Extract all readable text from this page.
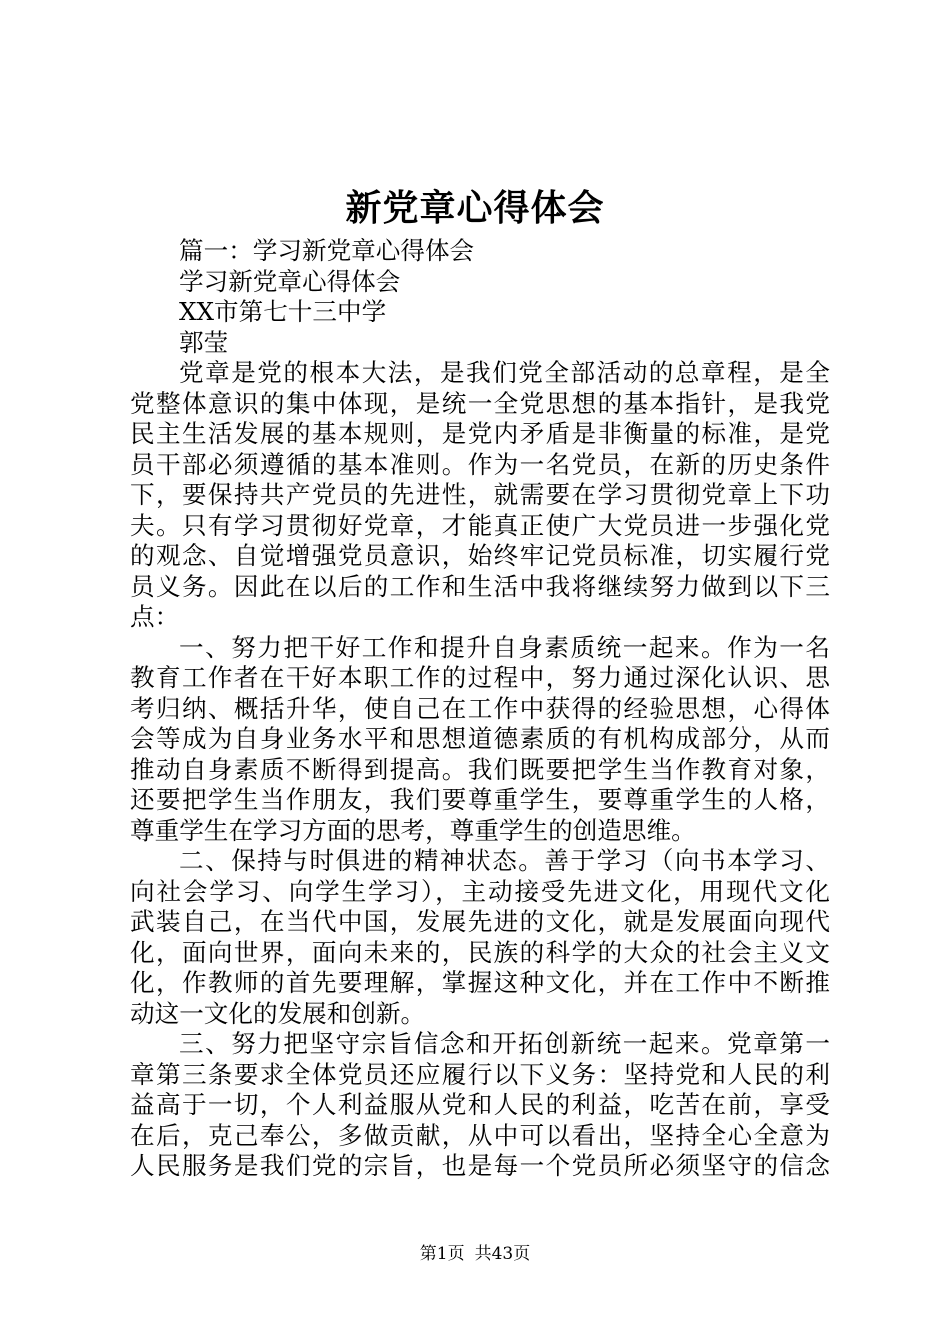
新党章心得体会
篇一：学习新党章心得体会
学习新党章心得体会
XX市第七十三中学
郭莹
党章是党的根本大法，是我们党全部活动的总章程，是全
党整体意识的集中体现，是统一全党思想的基本指针，是我党
民主生活发展的基本规则，是党内矛盾是非衡量的标准，是党
员干部必须遵循的基本准则。作为一名党员，在新的历史条件
下，要保持共产党员的先进性，就需要在学习贯彻党章上下功
夫。只有学习贯彻好党章，才能真正使广大党员进一步强化党
的观念、自觉增强党员意识，始终牢记党员标准，切实履行党
员义务。因此在以后的工作和生活中我将继续努力做到以下三
点：
一、努力把干好工作和提升自身素质统一起来。作为一名
教育工作者在干好本职工作的过程中，努力通过深化认识、思
考归纳、概括升华，使自己在工作中获得的经验思想，心得体
会等成为自身业务水平和思想道德素质的有机构成部分，从而
推动自身素质不断得到提高。我们既要把学生当作教育对象，
还要把学生当作朋友，我们要尊重学生，要尊重学生的人格，
尊重学生在学习方面的思考，尊重学生的创造思维。
二、保持与时俱进的精神状态。善于学习（向书本学习、
向社会学习、向学生学习），主动接受先进文化，用现代文化
武装自己，在当代中国，发展先进的文化，就是发展面向现代
化，面向世界，面向未来的，民族的科学的大众的社会主义文
化，作教师的首先要理解，掌握这种文化，并在工作中不断推
动这一文化的发展和创新。
三、努力把坚守宗旨信念和开拓创新统一起来。党章第一
章第三条要求全体党员还应履行以下义务：坚持党和人民的利
益高于一切，个人利益服从党和人民的利益，吃苦在前，享受
在后，克己奉公，多做贡献，从中可以看出，坚持全心全意为
人民服务是我们党的宗旨，也是每一个党员所必须坚守的信念
第1页 共43页
